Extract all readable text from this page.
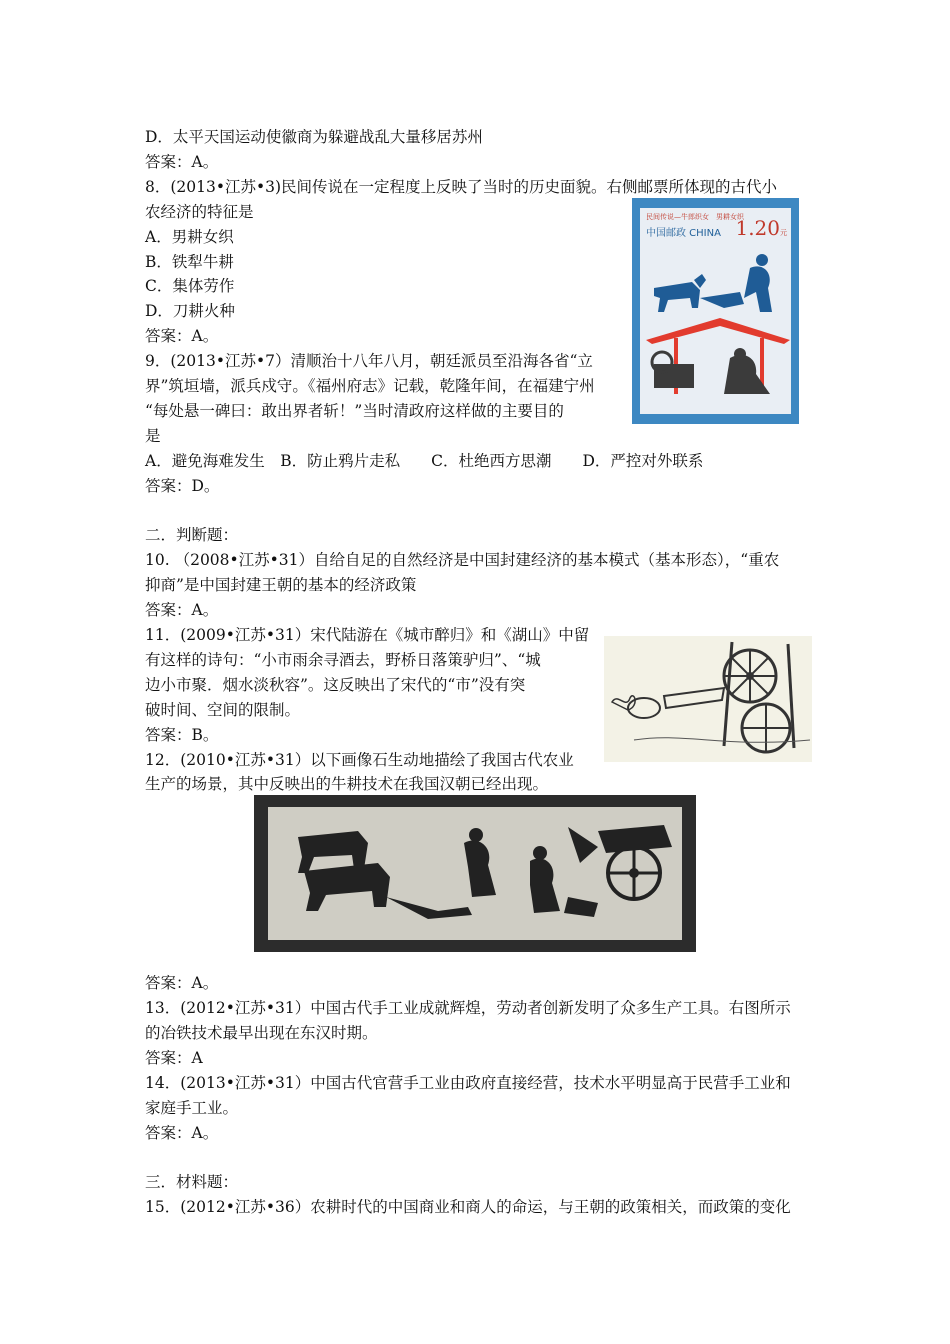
D．太平天国运动使徽商为躲避战乱大量移居苏州
答案：A。
8．(2013•江苏•3)民间传说在一定程度上反映了当时的历史面貌。右侧邮票所体现的古代小
农经济的特征是
A．男耕女织
B．铁犁牛耕
C．集体劳作
D．刀耕火种
答案：A。
9．(2013•江苏•7）清顺治十八年八月，朝廷派员至沿海各省“立
界”筑垣墙，派兵戍守。《福州府志》记载，乾隆年间，在福建宁州
“每处悬一碑曰：敢出界者斩！”当时清政府这样做的主要目的
是
A．避免海难发生　B．防止鸦片走私　　C．杜绝西方思潮　　D．严控对外联系
答案：D。
二．判断题：
10. （2008•江苏•31）自给自足的自然经济是中国封建经济的基本模式（基本形态），“重农
抑商”是中国封建王朝的基本的经济政策
答案：A。
11．(2009•江苏•31）宋代陆游在《城市醉归》和《湖山》中留
有这样的诗句：“小市雨余寻酒去，野桥日落策驴归”、“城
边小市聚．烟水淡秋容”。这反映出了宋代的“市”没有突
破时间、空间的限制。
答案：B。
12．(2010•江苏•31）以下画像石生动地描绘了我国古代农业
生产的场景，其中反映出的牛耕技术在我国汉朝已经出现。
答案：A。
13．(2012•江苏•31）中国古代手工业成就辉煌，劳动者创新发明了众多生产工具。右图所示
的冶铁技术最早出现在东汉时期。
答案：A
14．(2013•江苏•31）中国古代官营手工业由政府直接经营，技术水平明显高于民营手工业和
家庭手工业。
答案：A。
三．材料题：
15．(2012•江苏•36）农耕时代的中国商业和商人的命运，与王朝的政策相关，而政策的变化
民间传说—牛郎织女　男耕女织
中国邮政 CHINA 1.20元
